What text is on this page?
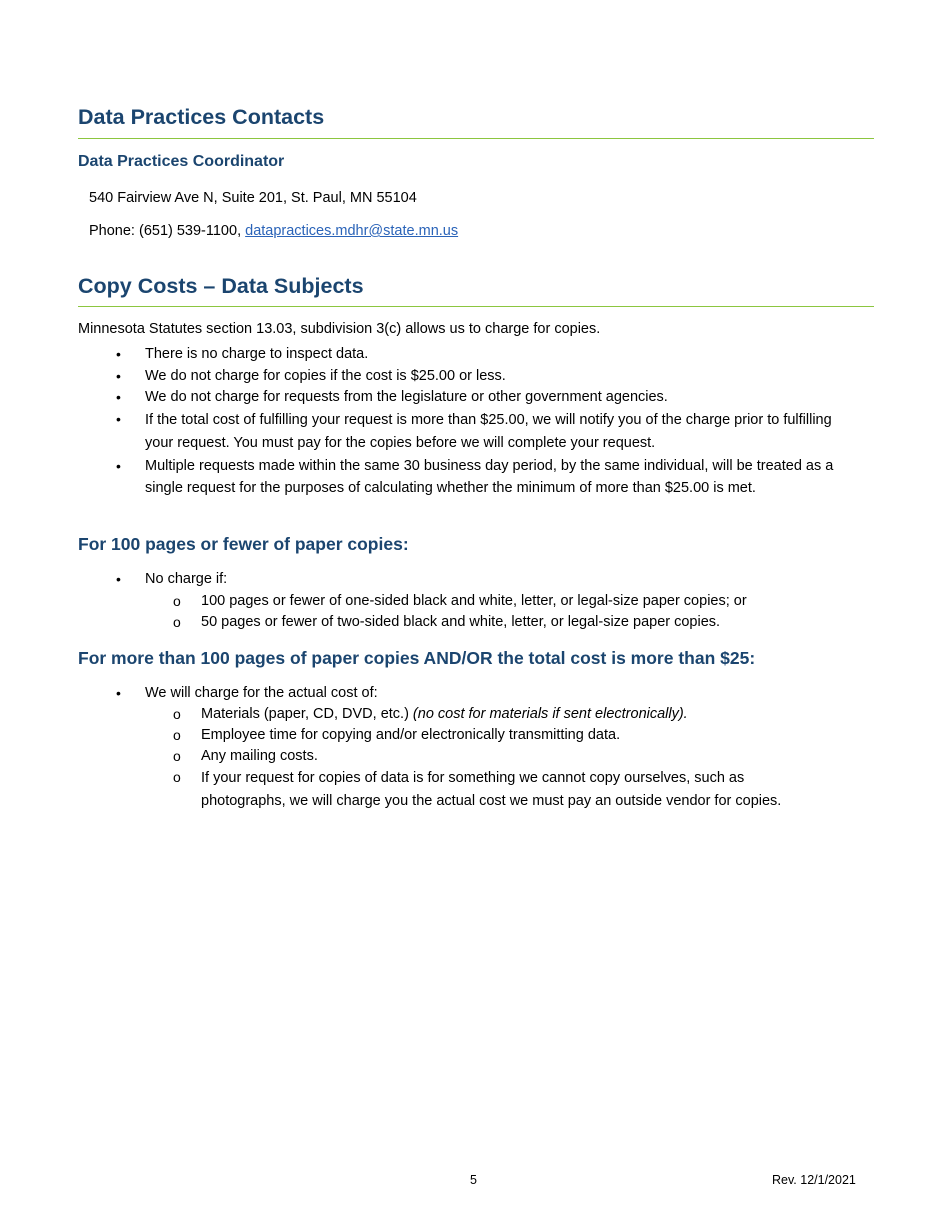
Data Practices Contacts
Data Practices Coordinator
540 Fairview Ave N, Suite 201, St. Paul, MN 55104
Phone: (651) 539-1100, datapractices.mdhr@state.mn.us
Copy Costs – Data Subjects
Minnesota Statutes section 13.03, subdivision 3(c) allows us to charge for copies.
• There is no charge to inspect data.
• We do not charge for copies if the cost is $25.00 or less.
• We do not charge for requests from the legislature or other government agencies.
• If the total cost of fulfilling your request is more than $25.00, we will notify you of the charge prior to fulfilling your request. You must pay for the copies before we will complete your request.
• Multiple requests made within the same 30 business day period, by the same individual, will be treated as a single request for the purposes of calculating whether the minimum of more than $25.00 is met.
For 100 pages or fewer of paper copies:
• No charge if:
o 100 pages or fewer of one-sided black and white, letter, or legal-size paper copies; or
o 50 pages or fewer of two-sided black and white, letter, or legal-size paper copies.
For more than 100 pages of paper copies AND/OR the total cost is more than $25:
• We will charge for the actual cost of:
o Materials (paper, CD, DVD, etc.) (no cost for materials if sent electronically).
o Employee time for copying and/or electronically transmitting data.
o Any mailing costs.
o If your request for copies of data is for something we cannot copy ourselves, such as photographs, we will charge you the actual cost we must pay an outside vendor for copies.
5	Rev. 12/1/2021
